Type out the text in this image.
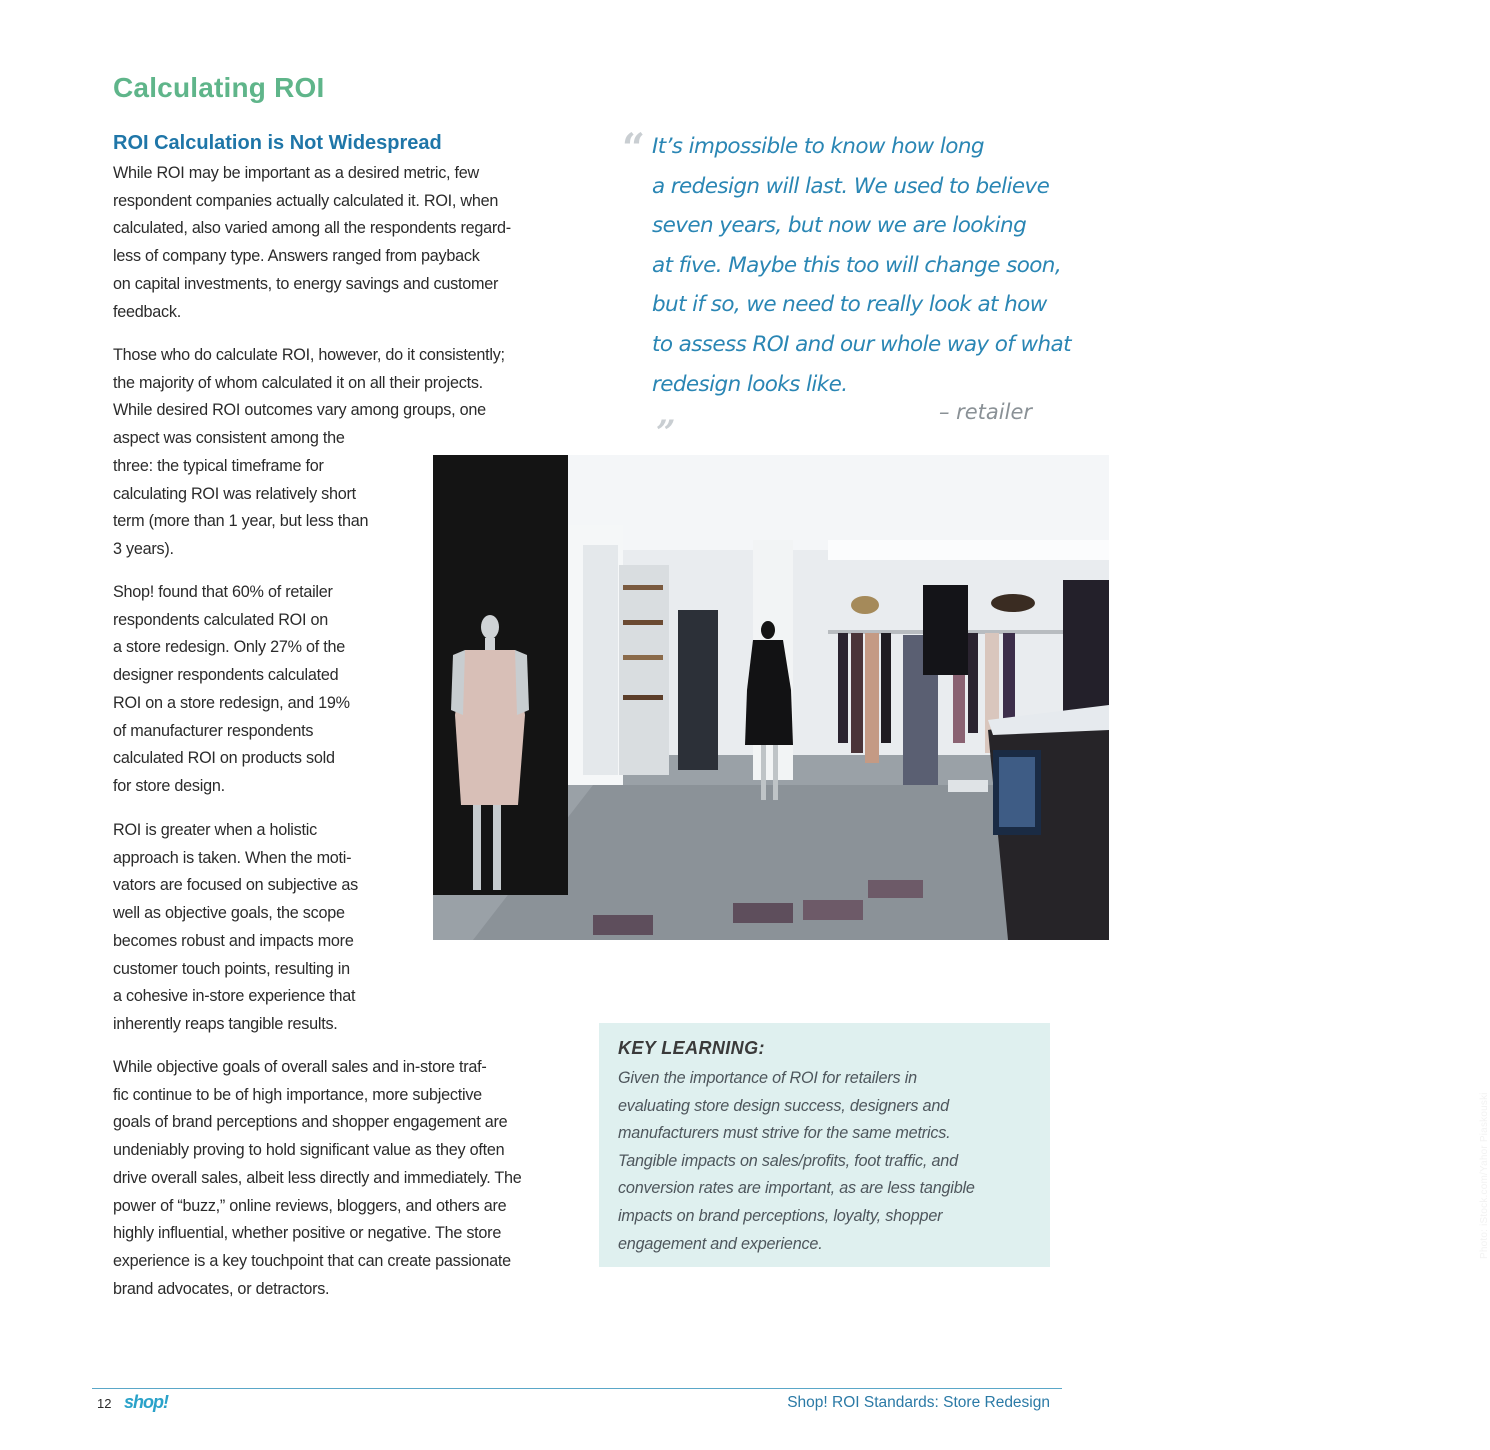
Calculating ROI
ROI Calculation is Not Widespread

While ROI may be important as a desired metric, few
respondent companies actually calculated it. ROI, when
calculated, also varied among all the respondents regard-
less of company type. Answers ranged from payback
on capital investments, to energy savings and customer
feedback.

Those who do calculate ROI, however, do it consistently;
the majority of whom calculated it on all their projects.
While desired ROI outcomes vary among groups, one
aspect was consistent among the
three: the typical timeframe for
calculating ROI was relatively short
term (more than 1 year, but less than
3 years).

Shop! found that 60% of retailer
respondents calculated ROI on
a store redesign. Only 27% of the
designer respondents calculated
ROI on a store redesign, and 19%
of manufacturer respondents
calculated ROI on products sold
for store design.

ROI is greater when a holistic
approach is taken. When the moti-
vators are focused on subjective as
well as objective goals, the scope
becomes robust and impacts more
customer touch points, resulting in
a cohesive in-store experience that
inherently reaps tangible results.

While objective goals of overall sales and in-store traf-
fic continue to be of high importance, more subjective
goals of brand perceptions and shopper engagement are
undeniably proving to hold significant value as they often
drive overall sales, albeit less directly and immediately. The
power of “buzz,” online reviews, bloggers, and others are
highly influential, whether positive or negative. The store
experience is a key touchpoint that can create passionate
brand advocates, or detractors.

“ It’s impossible to know how long
a redesign will last. We used to believe
seven years, but now we are looking
at five. Maybe this too will change soon,
but if so, we need to really look at how
to assess ROI and our whole way of what
redesign looks like.
”

– retailer

Photo: iStock.com/Yahor Piaskouski

KEY LEARNING:

Given the importance of ROI for retailers in
evaluating store design success, designers and
manufacturers must strive for the same metrics.
Tangible impacts on sales/profits, foot traffic, and
conversion rates are important, as are less tangible
impacts on brand perceptions, loyalty, shopper
engagement and experience.

12 shop!	Shop! ROI Standards: Store Redesign
